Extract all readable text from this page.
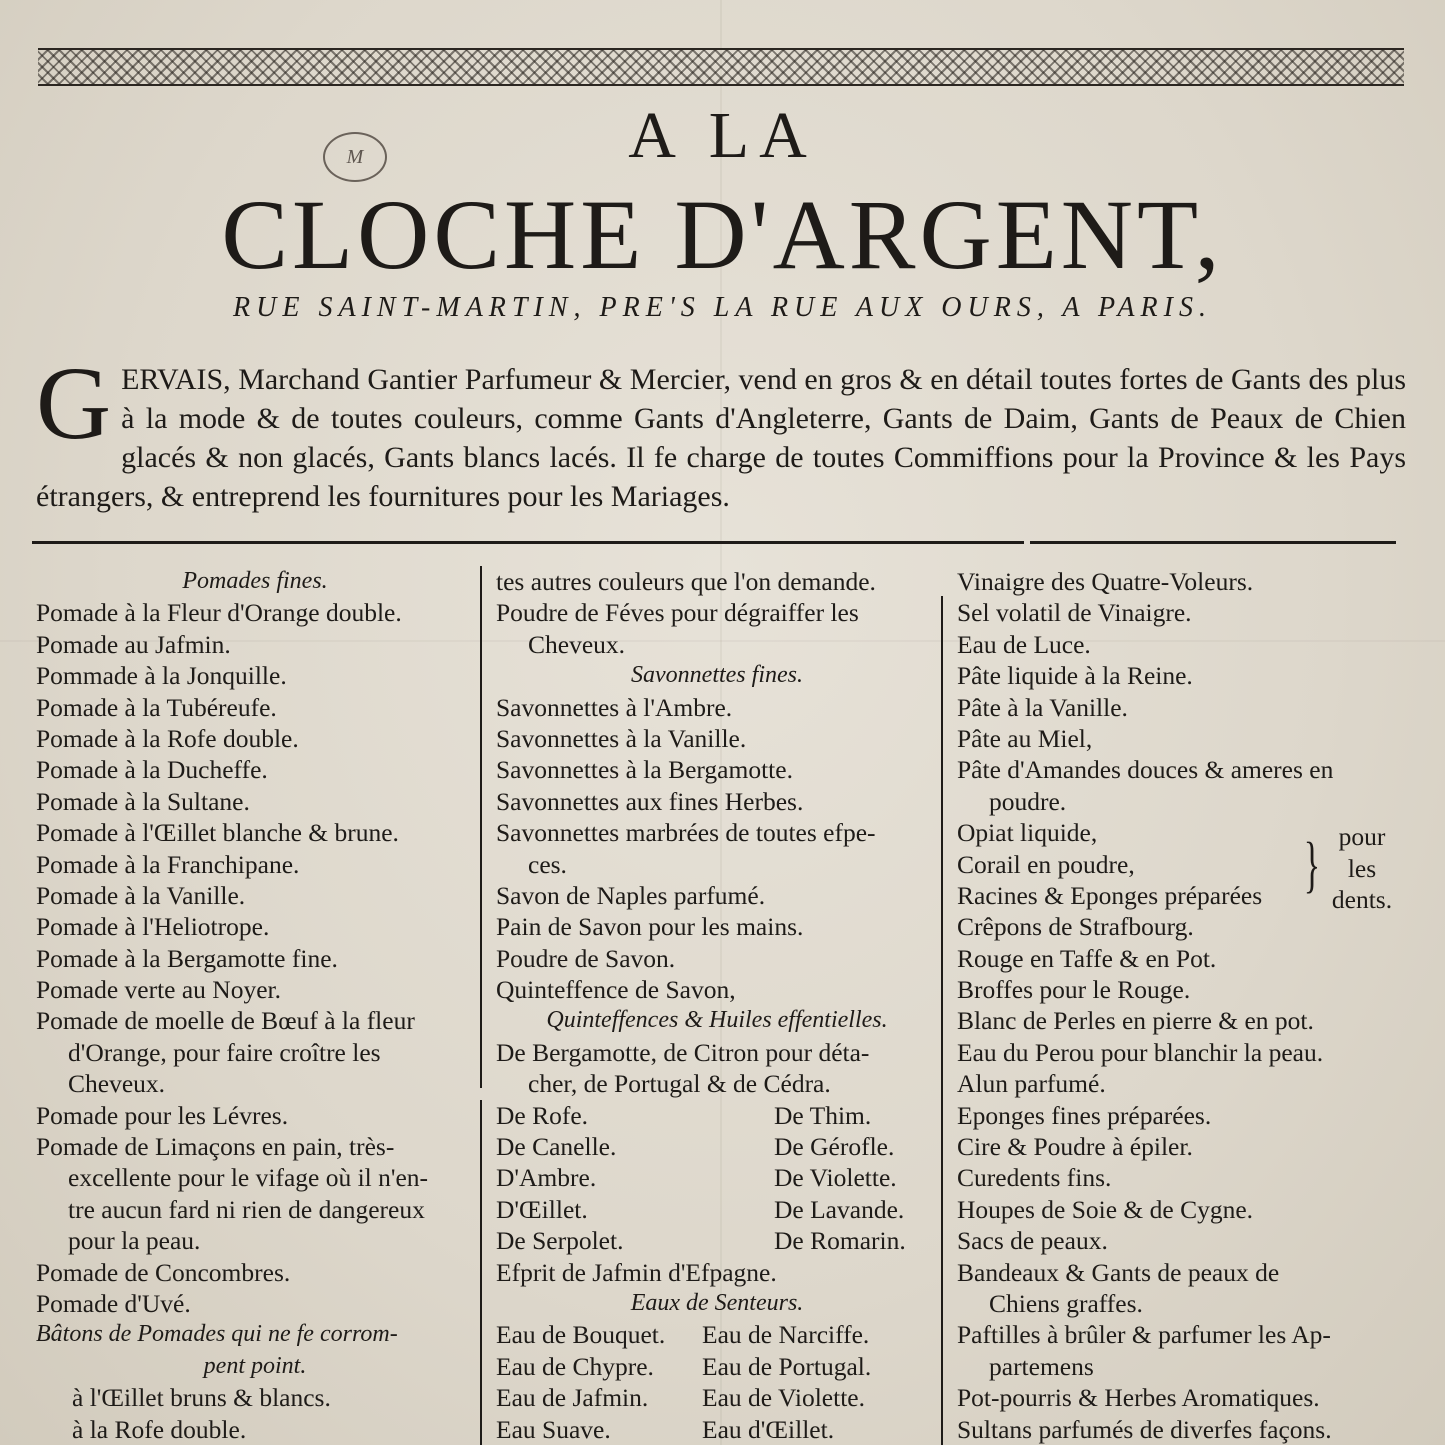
M	A LA
CLOCHE D'ARGENT,
RUE SAINT-MARTIN, PRE'S LA RUE AUX OURS, A PARIS.
G ERVAIS, Marchand Gantier Parfumeur & Mercier, vend en gros & en détail toutes fortes de Gants des plus à la mode & de toutes couleurs, comme Gants d'Angleterre, Gants de Daim, Gants de Peaux de Chien glacés & non glacés, Gants blancs lacés. Il fe charge de toutes Commiffions pour la Province & les Pays étrangers, & entreprend les fournitures pour les Mariages.
Pomades fines.
Pomade à la Fleur d'Orange double.
Pomade au Jafmin.
Pommade à la Jonquille.
Pomade à la Tubéreufe.
Pomade à la Rofe double.
Pomade à la Ducheffe.
Pomade à la Sultane.
Pomade à l'Œillet blanche & brune.
Pomade à la Franchipane.
Pomade à la Vanille.
Pomade à l'Heliotrope.
Pomade à la Bergamotte fine.
Pomade verte au Noyer.
Pomade de moelle de Bœuf à la fleur
d'Orange, pour faire croître les
Cheveux.
Pomade pour les Lévres.
Pomade de Limaçons en pain, très-
excellente pour le vifage où il n'en-
tre aucun fard ni rien de dangereux
pour la peau.
Pomade de Concombres.
Pomade d'Uvé.
Bâtons de Pomades qui ne fe corrom-
pent point.
à l'Œillet bruns & blancs.
à la Rofe double.
tes autres couleurs que l'on demande.
Poudre de Féves pour dégraiffer les
Cheveux.
Savonnettes fines.
Savonnettes à l'Ambre.
Savonnettes à la Vanille.
Savonnettes à la Bergamotte.
Savonnettes aux fines Herbes.
Savonnettes marbrées de toutes efpe-
ces.
Savon de Naples parfumé.
Pain de Savon pour les mains.
Poudre de Savon.
Quinteffence de Savon,
Quinteffences & Huiles effentielles.
De Bergamotte, de Citron pour déta-
cher, de Portugal & de Cédra.
De Rofe.	De Thim.
De Canelle.	De Gérofle.
D'Ambre.	De Violette.
D'Œillet.	De Lavande.
De Serpolet.	De Romarin.
Efprit de Jafmin d'Efpagne.
Eaux de Senteurs.
Eau de Bouquet. Eau de Narciffe.
Eau de Chypre. Eau de Portugal.
Eau de Jafmin. Eau de Violette.
Eau Suave.	Eau d'Œillet.
Vinaigre des Quatre-Voleurs.
Sel volatil de Vinaigre.
Eau de Luce.
Pâte liquide à la Reine.
Pâte à la Vanille.
Pâte au Miel,
Pâte d'Amandes douces & ameres en
poudre.
Opiat liquide,
Corail en poudre,
Racines & Eponges préparées } pour
les
dents.
Crêpons de Strafbourg.
Rouge en Taffe & en Pot.
Broffes pour le Rouge.
Blanc de Perles en pierre & en pot.
Eau du Perou pour blanchir la peau.
Alun parfumé.
Eponges fines préparées.
Cire & Poudre à épiler.
Curedents fins.
Houpes de Soie & de Cygne.
Sacs de peaux.
Bandeaux & Gants de peaux de
Chiens graffes.
Paftilles à brûler & parfumer les Ap-
partemens
Pot-pourris & Herbes Aromatiques.
Sultans parfumés de diverfes façons.
